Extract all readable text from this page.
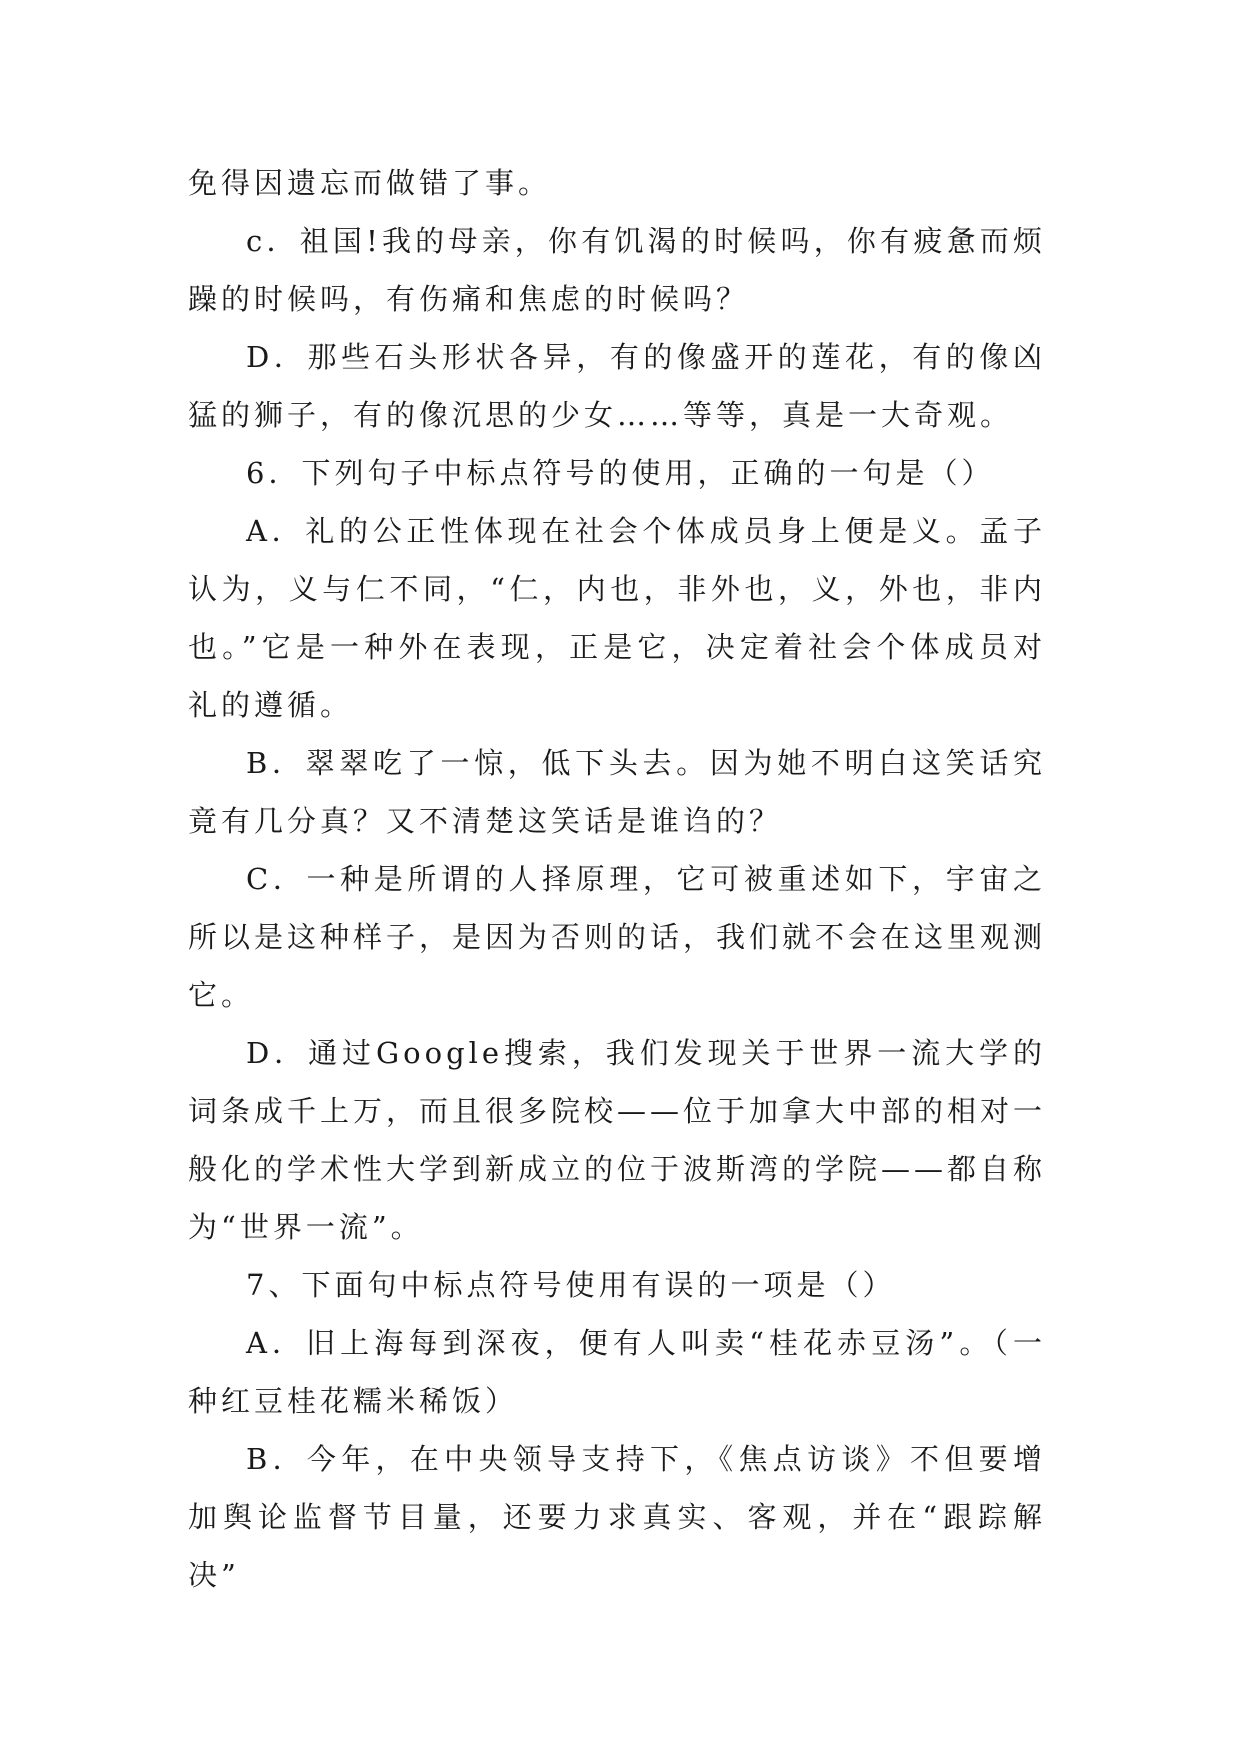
免得因遗忘而做错了事。

c．祖国!我的母亲，你有饥渴的时候吗，你有疲惫而烦躁的时候吗，有伤痛和焦虑的时候吗？

D．那些石头形状各异，有的像盛开的莲花，有的像凶猛的狮子，有的像沉思的少女……等等，真是一大奇观。

6．下列句子中标点符号的使用，正确的一句是（）

A．礼的公正性体现在社会个体成员身上便是义。孟子认为，义与仁不同，“仁，内也，非外也，义，外也，非内也。”它是一种外在表现，正是它，决定着社会个体成员对礼的遵循。

B．翠翠吃了一惊，低下头去。因为她不明白这笑话究竟有几分真？又不清楚这笑话是谁诌的？

C．一种是所谓的人择原理，它可被重述如下，宇宙之所以是这种样子，是因为否则的话，我们就不会在这里观测它。

D．通过Google搜索，我们发现关于世界一流大学的词条成千上万，而且很多院校——位于加拿大中部的相对一般化的学术性大学到新成立的位于波斯湾的学院——都自称为“世界一流”。

7、下面句中标点符号使用有误的一项是（）

A．旧上海每到深夜，便有人叫卖“桂花赤豆汤”。（一种红豆桂花糯米稀饭）

B．今年，在中央领导支持下，《焦点访谈》不但要增加舆论监督节目量，还要力求真实、客观，并在“跟踪解决”
